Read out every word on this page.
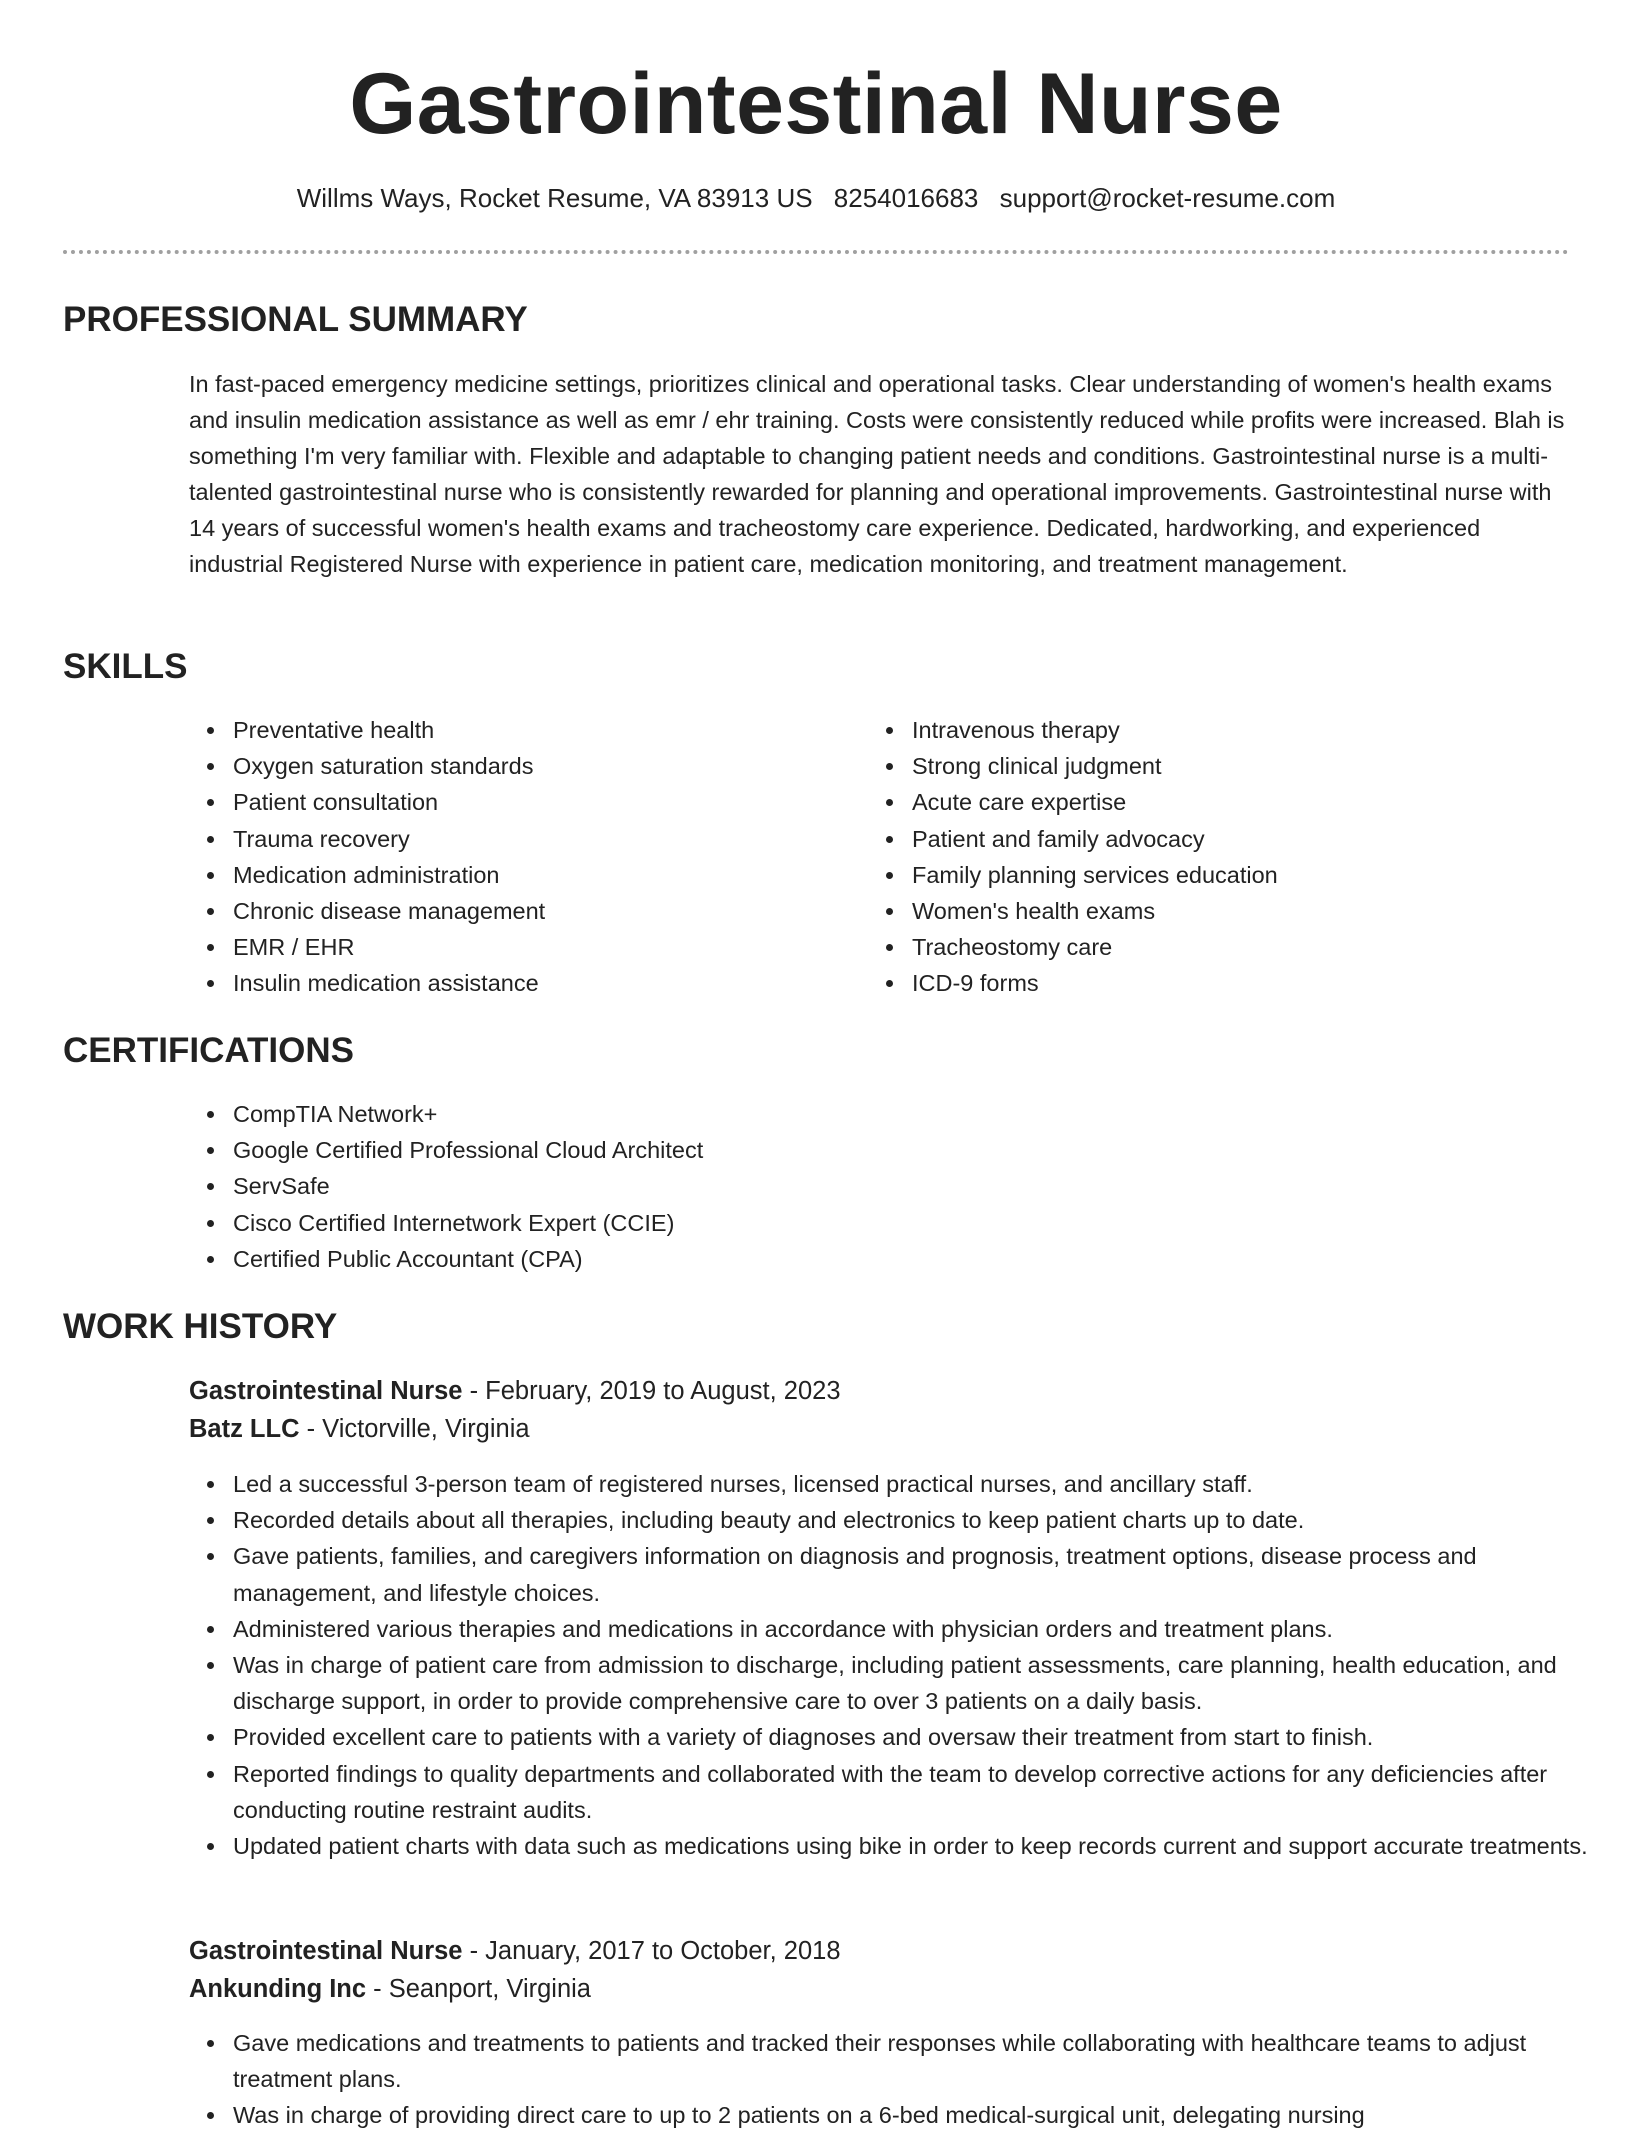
Gastrointestinal Nurse
Willms Ways, Rocket Resume, VA 83913 US 8254016683 support@rocket-resume.com
PROFESSIONAL SUMMARY

In fast-paced emergency medicine settings, prioritizes clinical and operational tasks. Clear understanding of women's health exams and insulin medication assistance as well as emr / ehr training. Costs were consistently reduced while profits were increased. Blah is something I'm very familiar with. Flexible and adaptable to changing patient needs and conditions. Gastrointestinal nurse is a multi-talented gastrointestinal nurse who is consistently rewarded for planning and operational improvements. Gastrointestinal nurse with 14 years of successful women's health exams and tracheostomy care experience. Dedicated, hardworking, and experienced industrial Registered Nurse with experience in patient care, medication monitoring, and treatment management.

SKILLS
Preventative health
Oxygen saturation standards
Patient consultation
Trauma recovery
Medication administration
Chronic disease management
EMR / EHR
Insulin medication assistance
Intravenous therapy
Strong clinical judgment
Acute care expertise
Patient and family advocacy
Family planning services education
Women's health exams
Tracheostomy care
ICD-9 forms
CERTIFICATIONS
CompTIA Network+
Google Certified Professional Cloud Architect
ServSafe
Cisco Certified Internetwork Expert (CCIE)
Certified Public Accountant (CPA)
WORK HISTORY

Gastrointestinal Nurse - February, 2019 to August, 2023

Batz LLC - Victorville, Virginia

Led a successful 3-person team of registered nurses, licensed practical nurses, and ancillary staff.
Recorded details about all therapies, including beauty and electronics to keep patient charts up to date.
Gave patients, families, and caregivers information on diagnosis and prognosis, treatment options, disease process and management, and lifestyle choices.
Administered various therapies and medications in accordance with physician orders and treatment plans.
Was in charge of patient care from admission to discharge, including patient assessments, care planning, health education, and discharge support, in order to provide comprehensive care to over 3 patients on a daily basis.
Provided excellent care to patients with a variety of diagnoses and oversaw their treatment from start to finish.
Reported findings to quality departments and collaborated with the team to develop corrective actions for any deficiencies after conducting routine restraint audits.
Updated patient charts with data such as medications using bike in order to keep records current and support accurate treatments.

Gastrointestinal Nurse - January, 2017 to October, 2018

Ankunding Inc - Seanport, Virginia

Gave medications and treatments to patients and tracked their responses while collaborating with healthcare teams to adjust treatment plans.
Was in charge of providing direct care to up to 2 patients on a 6-bed medical-surgical unit, delegating nursing
